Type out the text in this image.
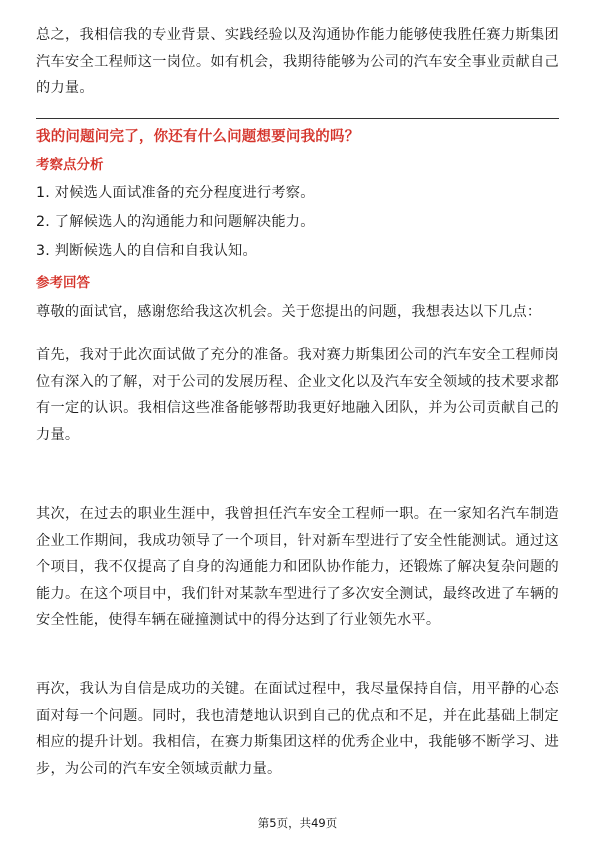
总之，我相信我的专业背景、实践经验以及沟通协作能力能够使我胜任赛力斯集团汽车安全工程师这一岗位。如有机会，我期待能够为公司的汽车安全事业贡献自己的力量。

我的问题问完了，你还有什么问题想要问我的吗？
考察点分析
1. 对候选人面试准备的充分程度进行考察。
2. 了解候选人的沟通能力和问题解决能力。
3. 判断候选人的自信和自我认知。
参考回答
尊敬的面试官，感谢您给我这次机会。关于您提出的问题，我想表达以下几点：

首先，我对于此次面试做了充分的准备。我对赛力斯集团公司的汽车安全工程师岗位有深入的了解，对于公司的发展历程、企业文化以及汽车安全领域的技术要求都有一定的认识。我相信这些准备能够帮助我更好地融入团队，并为公司贡献自己的力量。

其次，在过去的职业生涯中，我曾担任汽车安全工程师一职。在一家知名汽车制造企业工作期间，我成功领导了一个项目，针对新车型进行了安全性能测试。通过这个项目，我不仅提高了自身的沟通能力和团队协作能力，还锻炼了解决复杂问题的能力。在这个项目中，我们针对某款车型进行了多次安全测试，最终改进了车辆的安全性能，使得车辆在碰撞测试中的得分达到了行业领先水平。

再次，我认为自信是成功的关键。在面试过程中，我尽量保持自信，用平静的心态面对每一个问题。同时，我也清楚地认识到自己的优点和不足，并在此基础上制定相应的提升计划。我相信，在赛力斯集团这样的优秀企业中，我能够不断学习、进步，为公司的汽车安全领域贡献力量。

第5页，共49页
